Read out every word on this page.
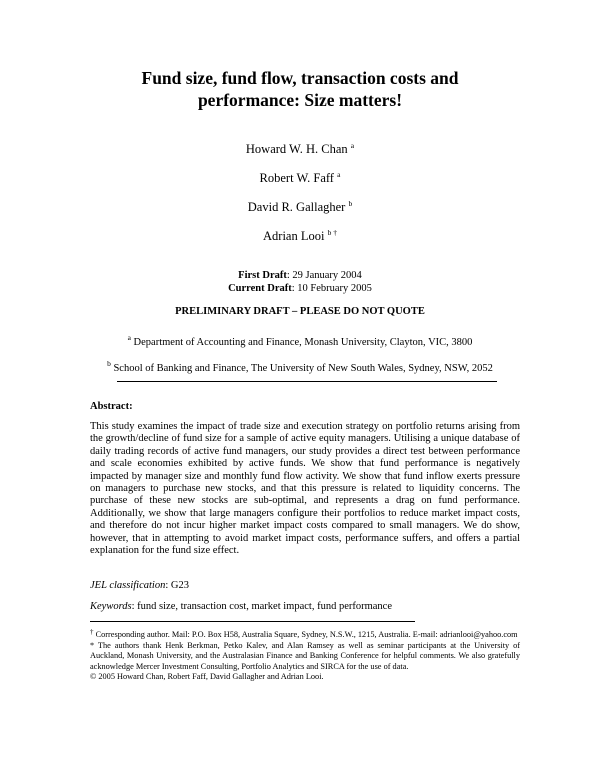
Fund size, fund flow, transaction costs and
performance: Size matters!
Howard W. H. Chan $^a$
Robert W. Faff $^a$
David R. Gallagher $^b$
Adrian Looi $^{b \dagger}$
First Draft: 29 January 2004
Current Draft: 10 February 2005
PRELIMINARY DRAFT – PLEASE DO NOT QUOTE
$^a$ Department of Accounting and Finance, Monash University, Clayton, VIC, 3800
$^b$ School of Banking and Finance, The University of New South Wales, Sydney, NSW, 2052
Abstract:
This study examines the impact of trade size and execution strategy on portfolio returns arising from the growth/decline of fund size for a sample of active equity managers. Utilising a unique database of daily trading records of active fund managers, our study provides a direct test between performance and scale economies exhibited by active funds. We show that fund performance is negatively impacted by manager size and monthly fund flow activity. We show that fund inflow exerts pressure on managers to purchase new stocks, and that this pressure is related to liquidity concerns. The purchase of these new stocks are sub-optimal, and represents a drag on fund performance. Additionally, we show that large managers configure their portfolios to reduce market impact costs, and therefore do not incur higher market impact costs compared to small managers. We do show, however, that in attempting to avoid market impact costs, performance suffers, and offers a partial explanation for the fund size effect.
JEL classification: G23
Keywords: fund size, transaction cost, market impact, fund performance

† Corresponding author. Mail: P.O. Box H58, Australia Square, Sydney, N.S.W., 1215, Australia. E-mail: adrianlooi@yahoo.com

* The authors thank Henk Berkman, Petko Kalev, and Alan Ramsey as well as seminar participants at the University of Auckland, Monash University, and the Australasian Finance and Banking Conference for helpful comments. We also gratefully acknowledge Mercer Investment Consulting, Portfolio Analytics and SIRCA for the use of data.

© 2005 Howard Chan, Robert Faff, David Gallagher and Adrian Looi.
